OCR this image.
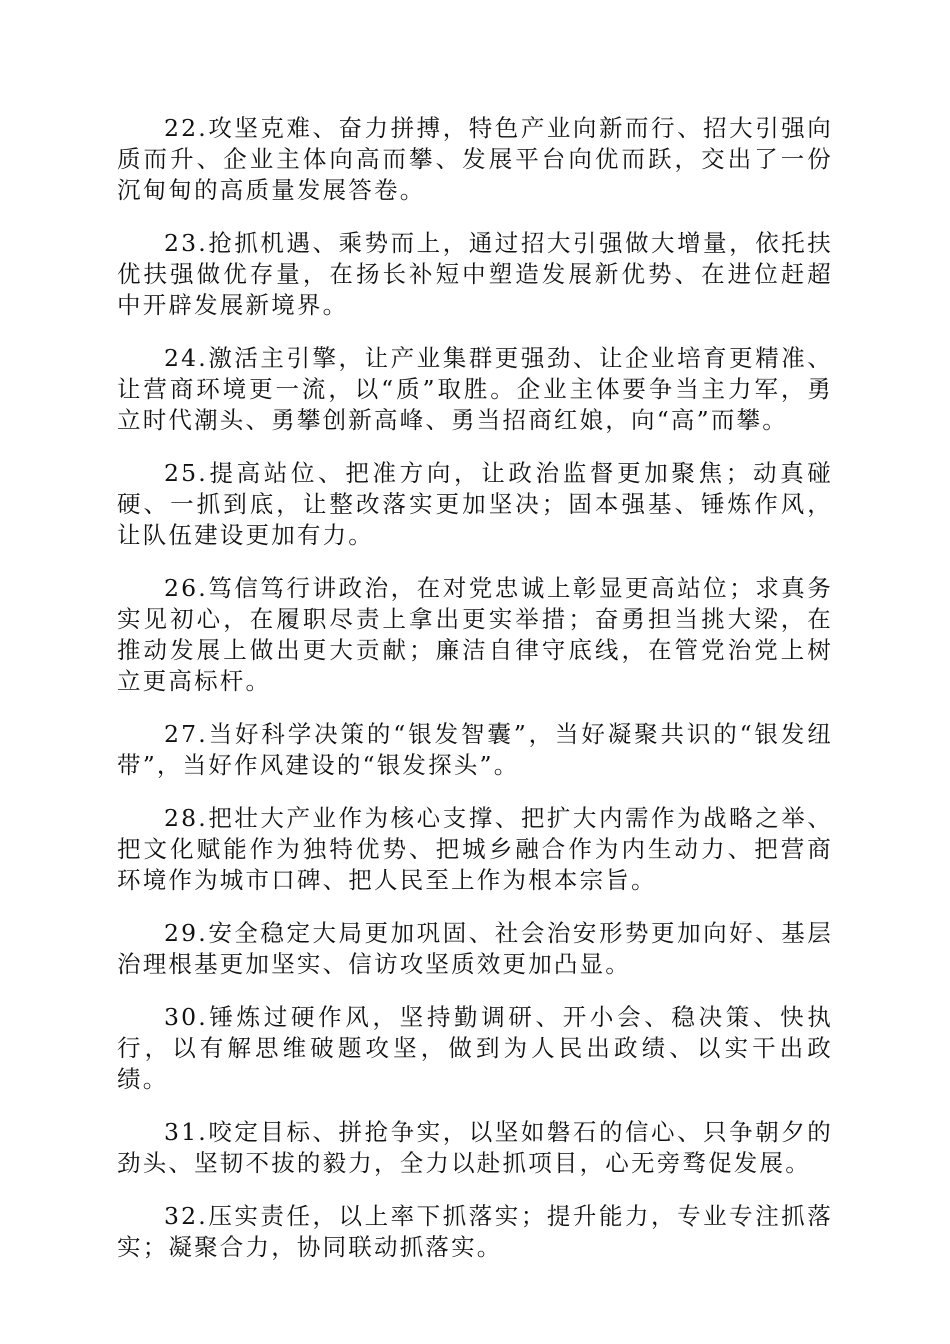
22.攻坚克难、奋力拼搏，特色产业向新而行、招大引强向质而升、企业主体向高而攀、发展平台向优而跃，交出了一份沉甸甸的高质量发展答卷。

23.抢抓机遇、乘势而上，通过招大引强做大增量，依托扶优扶强做优存量，在扬长补短中塑造发展新优势、在进位赶超中开辟发展新境界。

24.激活主引擎，让产业集群更强劲、让企业培育更精准、让营商环境更一流，以“质”取胜。企业主体要争当主力军，勇立时代潮头、勇攀创新高峰、勇当招商红娘，向“高”而攀。

25.提高站位、把准方向，让政治监督更加聚焦；动真碰硬、一抓到底，让整改落实更加坚决；固本强基、锤炼作风，让队伍建设更加有力。

26.笃信笃行讲政治，在对党忠诚上彰显更高站位；求真务实见初心，在履职尽责上拿出更实举措；奋勇担当挑大梁，在推动发展上做出更大贡献；廉洁自律守底线，在管党治党上树立更高标杆。

27.当好科学决策的“银发智囊”，当好凝聚共识的“银发纽带”，当好作风建设的“银发探头”。

28.把壮大产业作为核心支撑、把扩大内需作为战略之举、把文化赋能作为独特优势、把城乡融合作为内生动力、把营商环境作为城市口碑、把人民至上作为根本宗旨。

29.安全稳定大局更加巩固、社会治安形势更加向好、基层治理根基更加坚实、信访攻坚质效更加凸显。

30.锤炼过硬作风，坚持勤调研、开小会、稳决策、快执行，以有解思维破题攻坚，做到为人民出政绩、以实干出政绩。

31.咬定目标、拼抢争实，以坚如磐石的信心、只争朝夕的劲头、坚韧不拔的毅力，全力以赴抓项目，心无旁骛促发展。

32.压实责任，以上率下抓落实；提升能力，专业专注抓落实；凝聚合力，协同联动抓落实。
